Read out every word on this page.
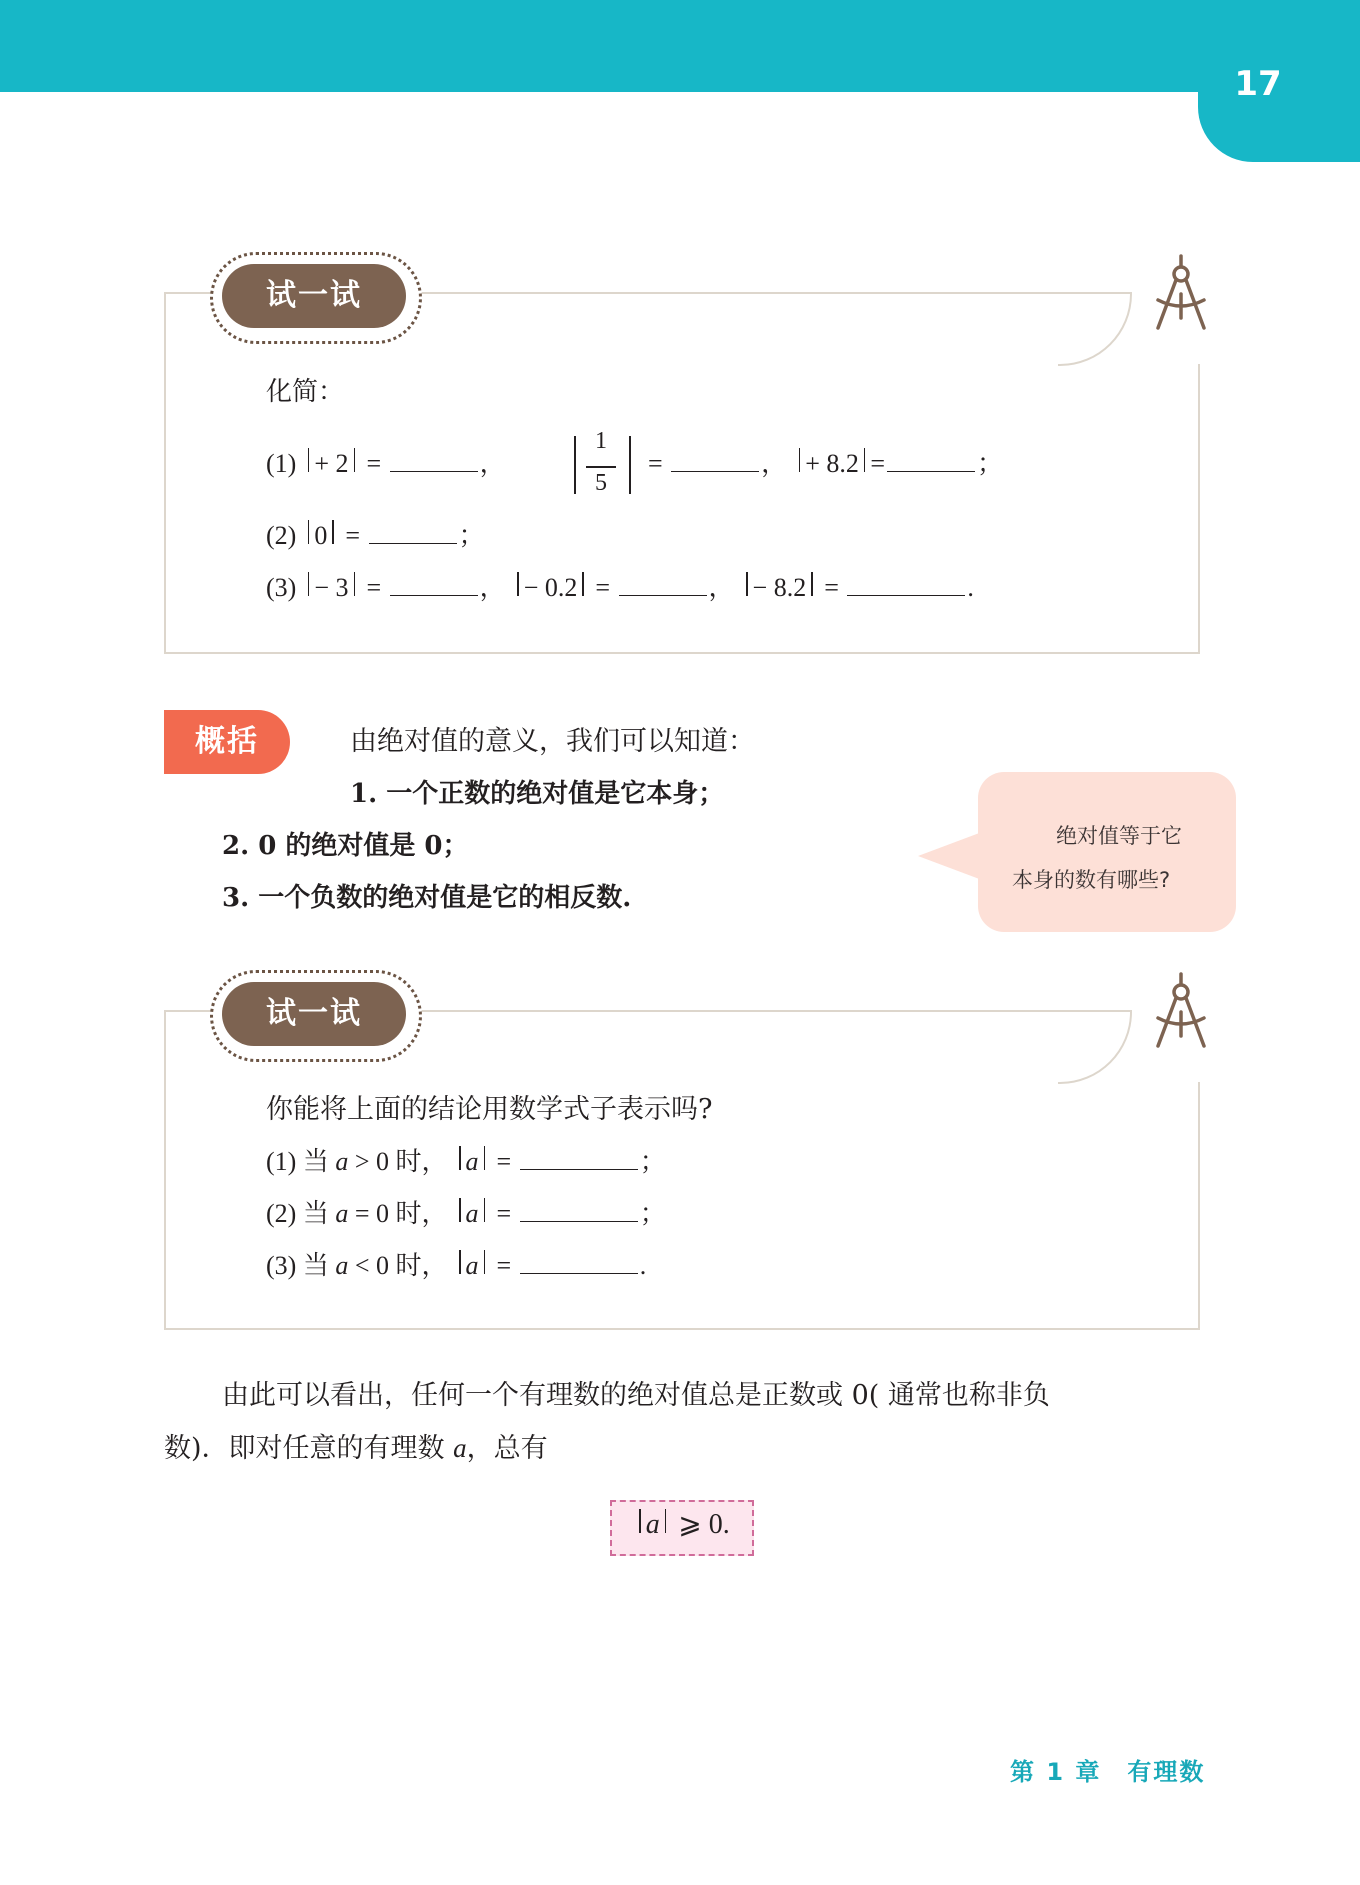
17
试一试
化简：
(1) + 2 =	，
1
5
=	， + 8.2 =	；
(2) 0 =	；
(3) − 3 =	， − 0.2 =	， − 8.2 =	.
概括	由绝对值的意义，我们可以知道：
1. 一个正数的绝对值是它本身；
2. 0 的绝对值是 0；
3. 一个负数的绝对值是它的相反数.
绝对值等于它
本身的数有哪些?
试一试
你能将上面的结论用数学式子表示吗?
(1) 当 a > 0 时， a =	；
(2) 当 a = 0 时， a =	；
(3) 当 a < 0 时， a =	.
由此可以看出，任何一个有理数的绝对值总是正数或 0( 通常也称非负
数)．即对任意的有理数 a，总有
a ⩾ 0.
第 1 章　有理数
